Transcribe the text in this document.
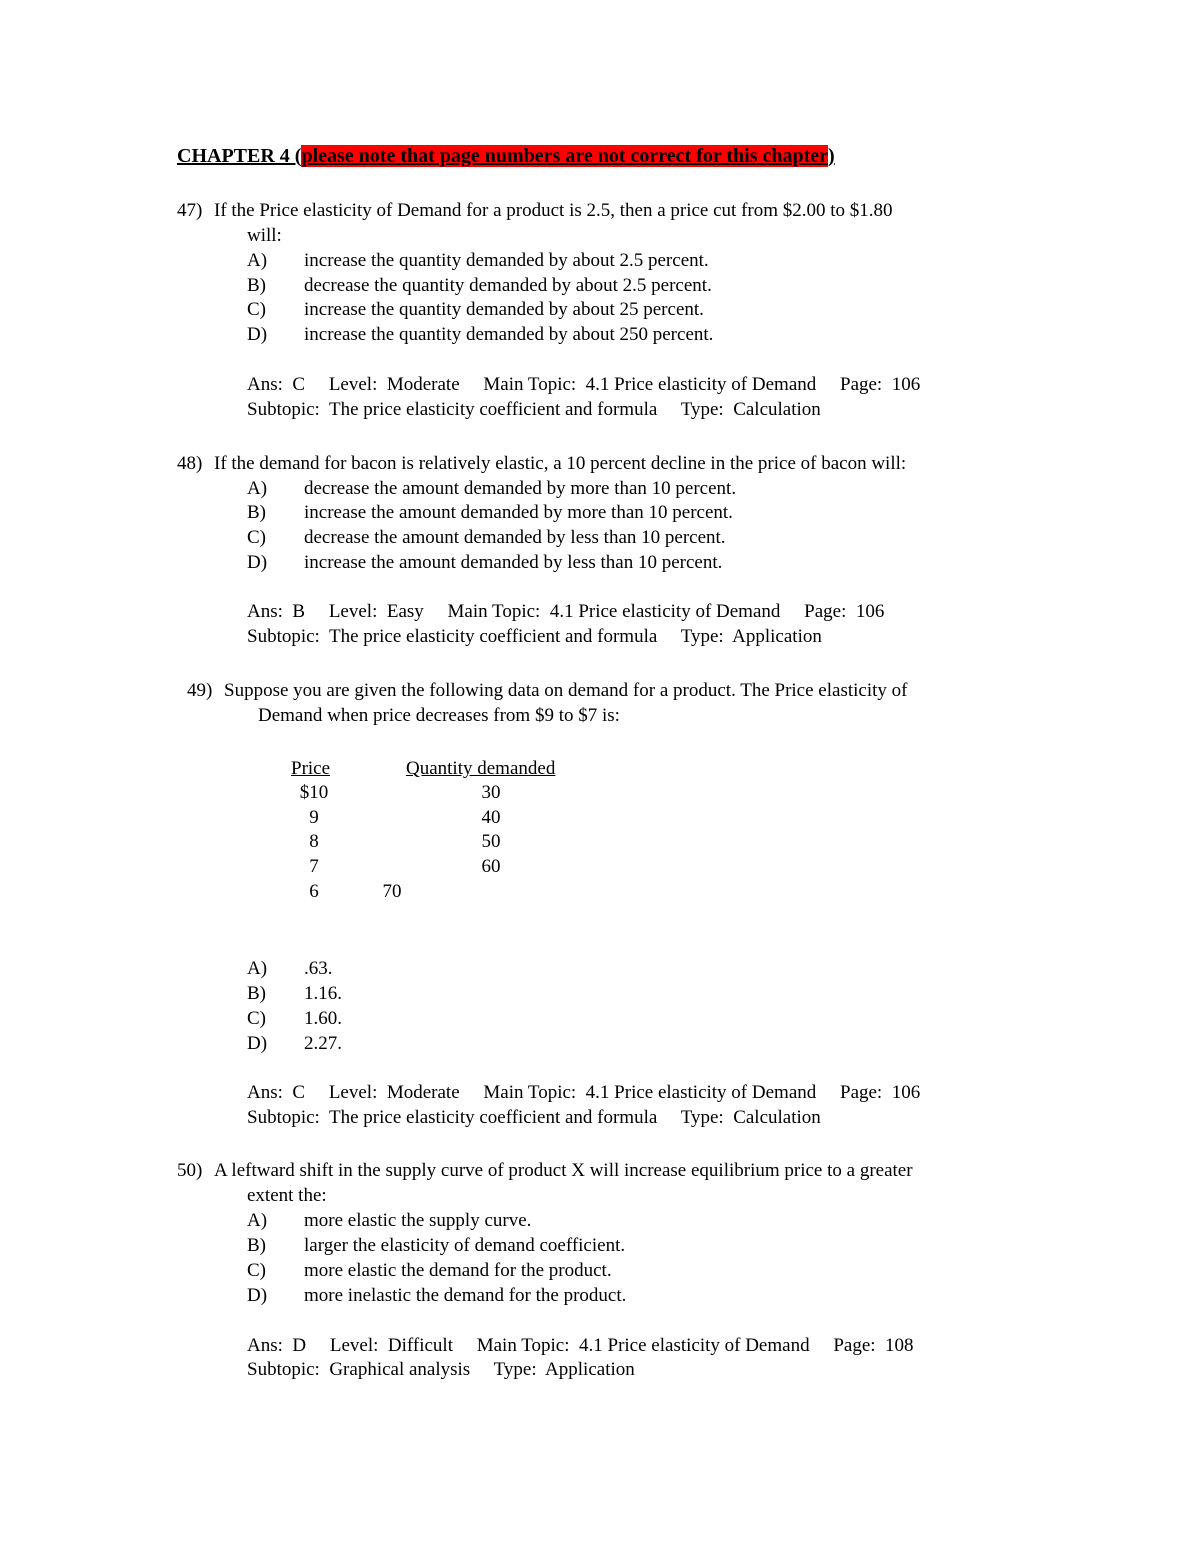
CHAPTER 4 (please note that page numbers are not correct for this chapter)
47) If the Price elasticity of Demand for a product is 2.5, then a price cut from $2.00 to $1.80
will:
A) increase the quantity demanded by about 2.5 percent.
B) decrease the quantity demanded by about 2.5 percent.
C) increase the quantity demanded by about 25 percent.
D) increase the quantity demanded by about 250 percent.
Ans:  C     Level:  Moderate     Main Topic:  4.1 Price elasticity of Demand     Page:  106
Subtopic:  The price elasticity coefficient and formula     Type:  Calculation
48) If the demand for bacon is relatively elastic, a 10 percent decline in the price of bacon will:
A) decrease the amount demanded by more than 10 percent.
B) increase the amount demanded by more than 10 percent.
C) decrease the amount demanded by less than 10 percent.
D) increase the amount demanded by less than 10 percent.
Ans:  B     Level:  Easy     Main Topic:  4.1 Price elasticity of Demand     Page:  106
Subtopic:  The price elasticity coefficient and formula     Type:  Application
49) Suppose you are given the following data on demand for a product. The Price elasticity of
Demand when price decreases from $9 to $7 is:
Price	Quantity demanded
$10	30
9	40
8	50
7	60
6	70
A) .63.
B) 1.16.
C) 1.60.
D) 2.27.
Ans:  C     Level:  Moderate     Main Topic:  4.1 Price elasticity of Demand     Page:  106
Subtopic:  The price elasticity coefficient and formula     Type:  Calculation
50) A leftward shift in the supply curve of product X will increase equilibrium price to a greater
extent the:
A) more elastic the supply curve.
B) larger the elasticity of demand coefficient.
C) more elastic the demand for the product.
D) more inelastic the demand for the product.
Ans:  D     Level:  Difficult     Main Topic:  4.1 Price elasticity of Demand     Page:  108
Subtopic:  Graphical analysis     Type:  Application
